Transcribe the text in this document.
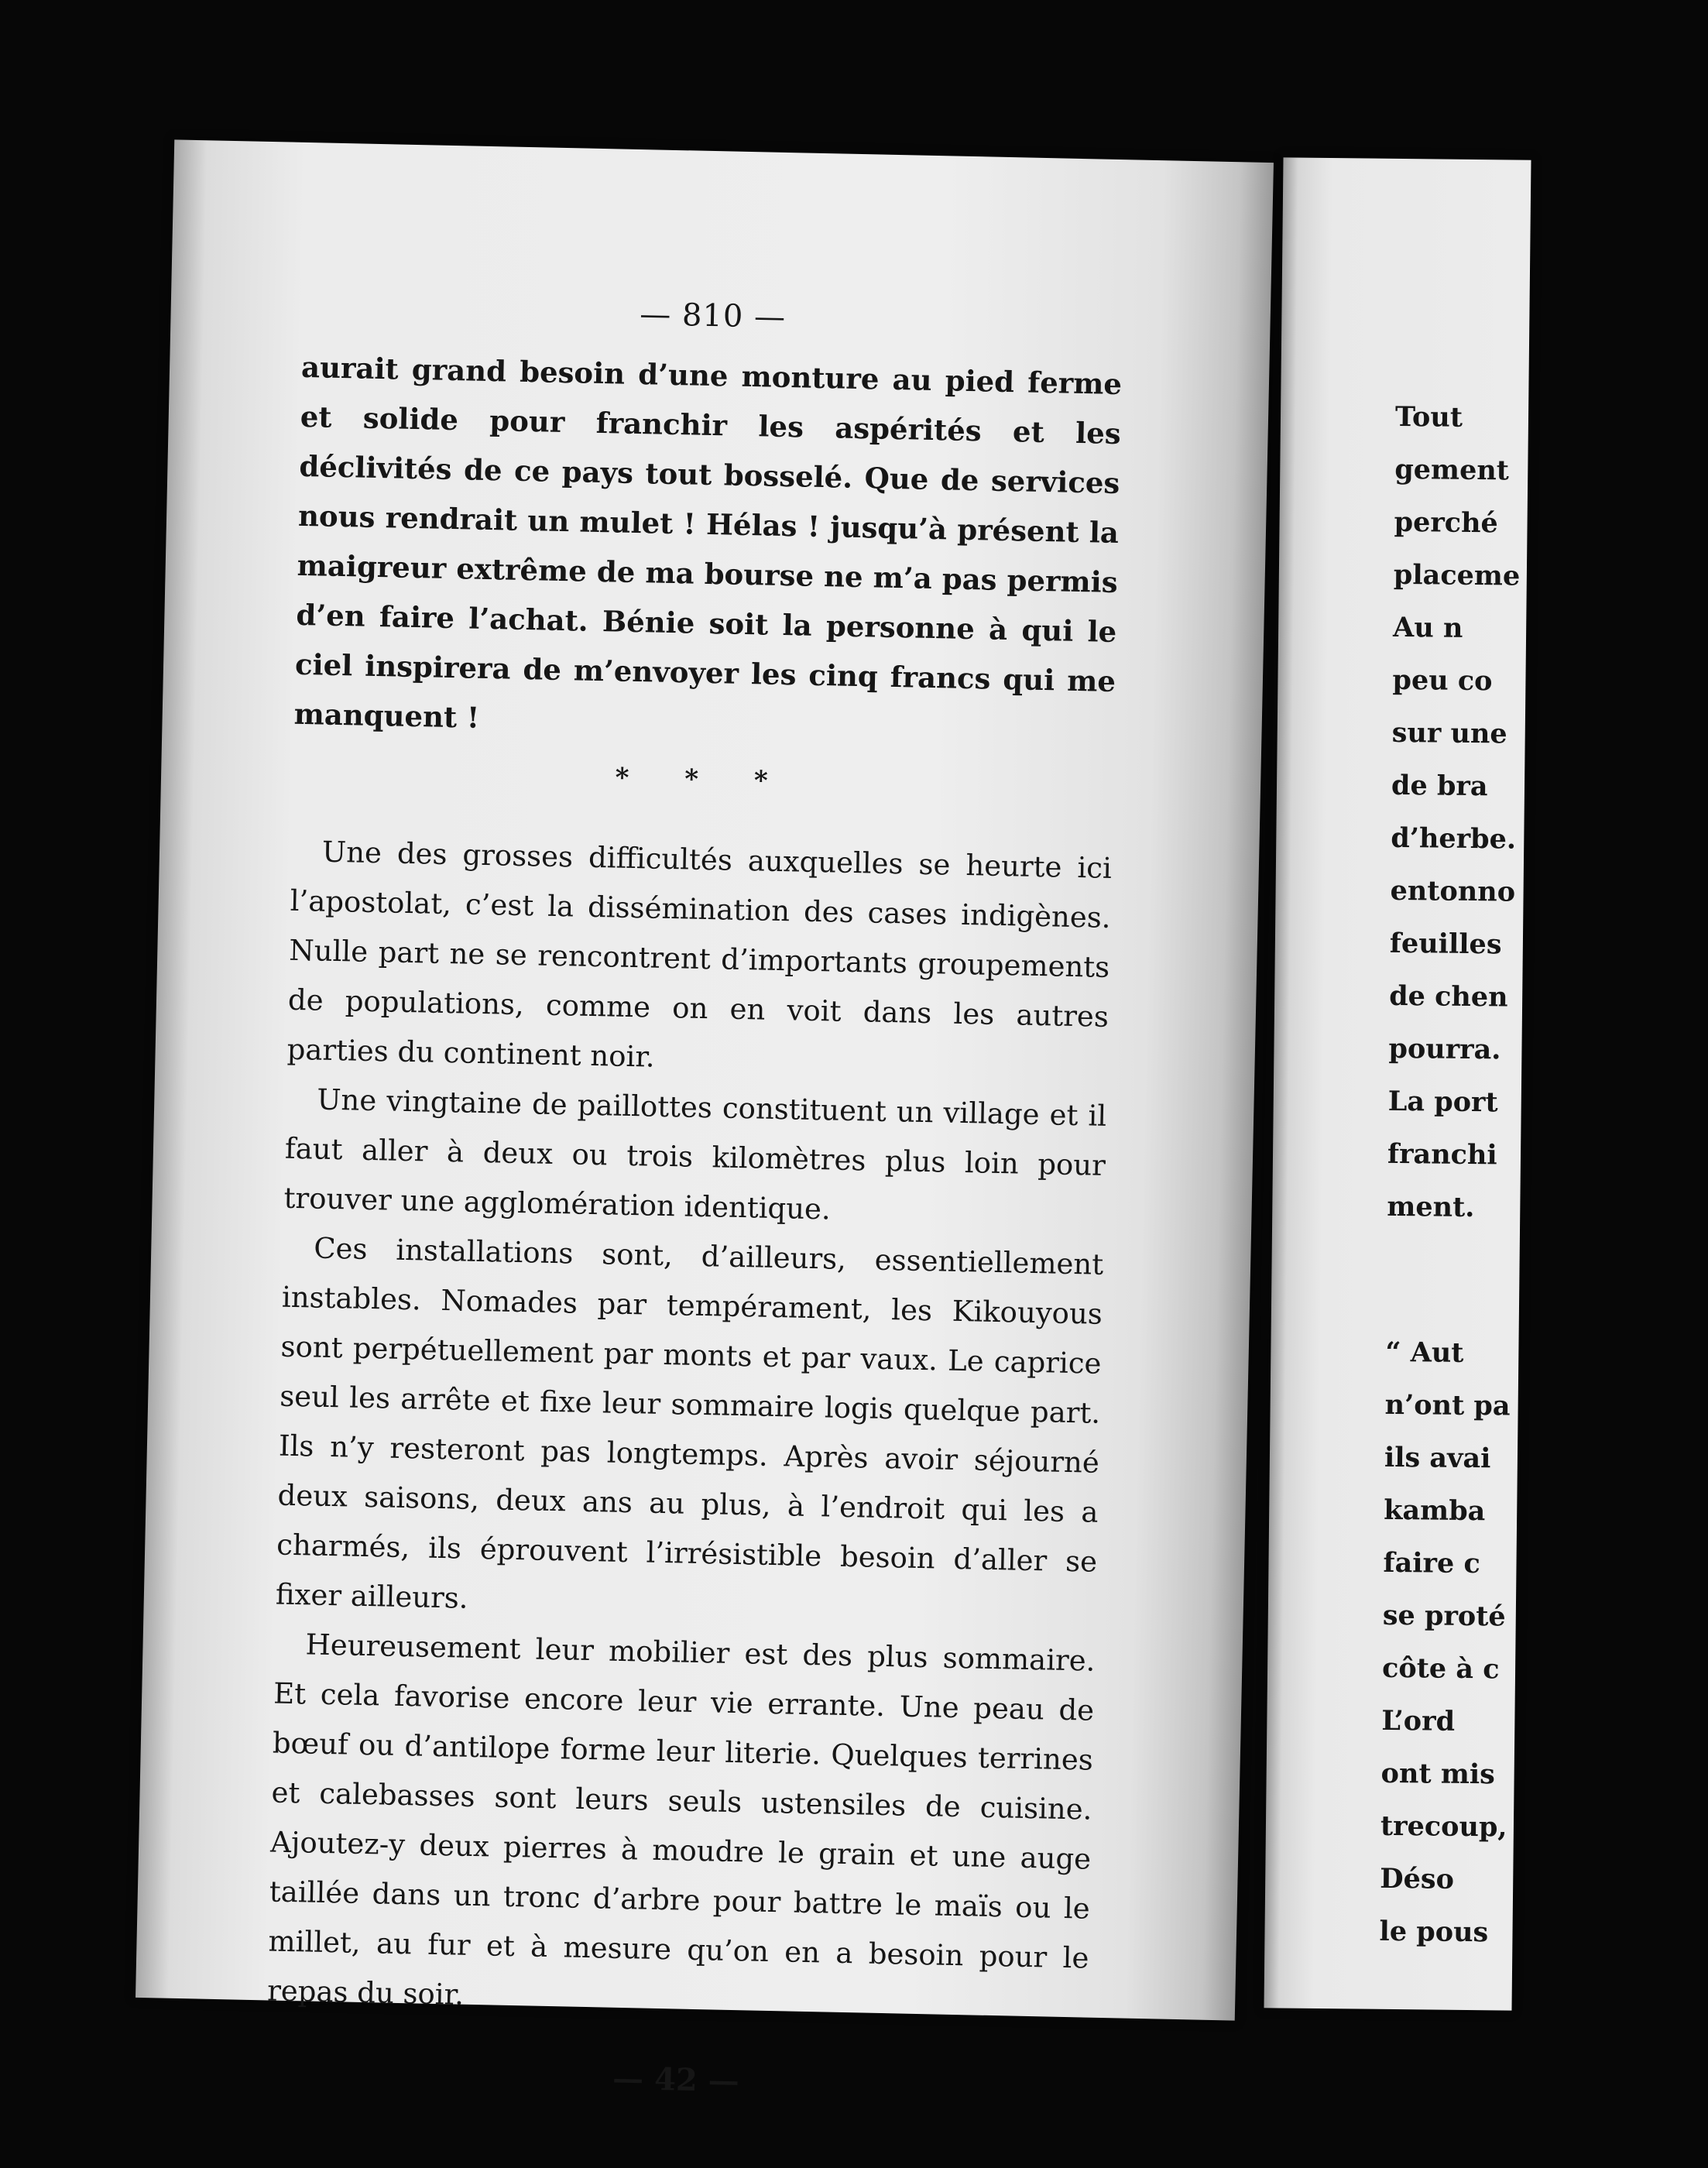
— 810 —

aurait grand besoin d’une monture au pied ferme et solide pour franchir les aspérités et les déclivités de ce pays tout bosselé. Que de services nous rendrait un mulet ! Hélas ! jusqu’à présent la maigreur extrême de ma bourse ne m’a pas permis d’en faire l’achat. Bénie soit la personne à qui le ciel inspirera de m’envoyer les cinq francs qui me manquent !

* * *

Une des grosses difficultés auxquelles se heurte ici l’apostolat, c’est la dissémination des cases indigènes. Nulle part ne se rencontrent d’importants groupements de populations, comme on en voit dans les autres parties du continent noir.

Une vingtaine de paillottes constituent un village et il faut aller à deux ou trois kilomètres plus loin pour trouver une agglomération identique.

Ces installations sont, d’ailleurs, essentiellement instables. Nomades par tempérament, les Kikouyous sont perpétuellement par monts et par vaux. Le caprice seul les arrête et fixe leur sommaire logis quelque part. Ils n’y resteront pas longtemps. Après avoir séjourné deux saisons, deux ans au plus, à l’endroit qui les a charmés, ils éprouvent l’irrésistible besoin d’aller se fixer ailleurs.

Heureusement leur mobilier est des plus sommaire. Et cela favorise encore leur vie errante. Une peau de bœuf ou d’antilope forme leur literie. Quelques terrines et calebasses sont leurs seuls ustensiles de cuisine. Ajoutez-y deux pierres à moudre le grain et une auge taillée dans un tronc d’arbre pour battre le maïs ou le millet, au fur et à mesure qu’on en a besoin pour le repas du soir.

— 42 —
Tout
gement
perché
placeme
Au n
peu co
sur une
de bra
d’herbe.
entonno
feuilles
de chen
pourra.
La port
franchi
ment.
“ Aut
n’ont pa
ils avai
kamba
faire c
se proté
côte à c
L’ord
ont mis
trecoup,
Déso
le pous
